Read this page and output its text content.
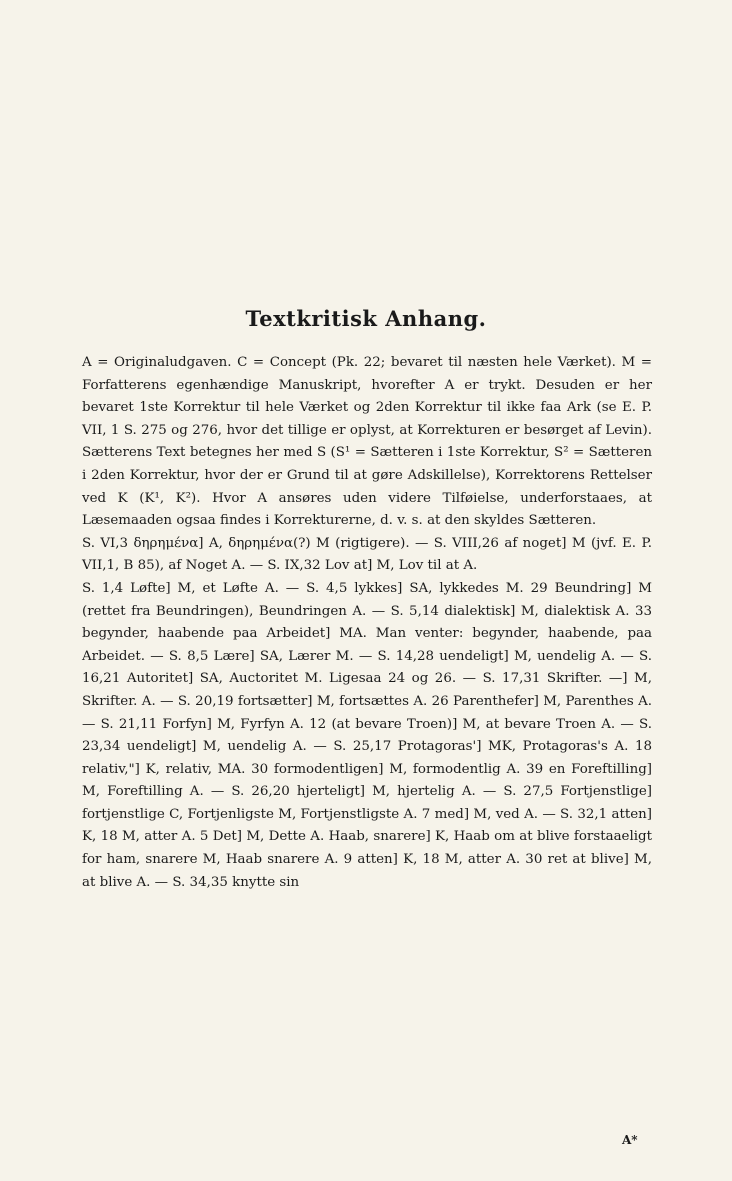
Textkritisk Anhang.

A = Originaludgaven. C = Concept (Pk. 22; bevaret til næsten hele Værket). M = Forfatterens egenhændige Manuskript, hvorefter A er trykt. Desuden er her bevaret 1ste Korrektur til hele Værket og 2den Korrektur til ikke faa Ark (se E. P. VII, 1 S. 275 og 276, hvor det tillige er oplyst, at Korrekturen er besørget af Levin). Sætterens Text betegnes her med S (S¹ = Sætteren i 1ste Korrektur, S² = Sætteren i 2den Korrektur, hvor der er Grund til at gøre Adskillelse), Korrektorens Rettelser ved K (K¹, K²). Hvor A ansøres uden videre Tilføielse, underforstaaes, at Læsemaaden ogsaa findes i Korrekturerne, d. v. s. at den skyldes Sætteren.

S. VI,3 δηρημένα] A, δηρημένα(?) M (rigtigere). — S. VIII,26 af noget] M (jvf. E. P. VII,1, B 85), af Noget A. — S. IX,32 Lov at] M, Lov til at A.

S. 1,4 Løfte] M, et Løfte A. — S. 4,5 lykkes] SA, lykkedes M. 29 Beundring] M (rettet fra Beundringen), Beundringen A. — S. 5,14 dialektisk] M, dialektisk A. 33 begynder, haabende paa Arbeidet] MA. Man venter: begynder, haabende, paa Arbeidet. — S. 8,5 Lære] SA, Lærer M. — S. 14,28 uendeligt] M, uendelig A. — S. 16,21 Autoritet] SA, Auctoritet M. Ligesaa 24 og 26. — S. 17,31 Skrifter. —] M, Skrifter. A. — S. 20,19 fortsætter] M, fortsættes A. 26 Parenthefer] M, Parenthes A. — S. 21,11 Forfyn] M, Fyrfyn A. 12 (at bevare Troen)] M, at bevare Troen A. — S. 23,34 uendeligt] M, uendelig A. — S. 25,17 Protagoras'] MK, Protagoras's A. 18 relativ,"] K, relativ, MA. 30 formodentligen] M, formodentlig A. 39 en Foreftilling] M, Foreftilling A. — S. 26,20 hjerteligt] M, hjertelig A. — S. 27,5 Fortjenstlige] fortjenstlige C, Fortjenligste M, Fortjenstligste A. 7 med] M, ved A. — S. 32,1 atten] K, 18 M, atter A. 5 Det] M, Dette A. Haab, snarere] K, Haab om at blive forstaaeligt for ham, snarere M, Haab snarere A. 9 atten] K, 18 M, atter A. 30 ret at blive] M, at blive A. — S. 34,35 knytte sin

A*
